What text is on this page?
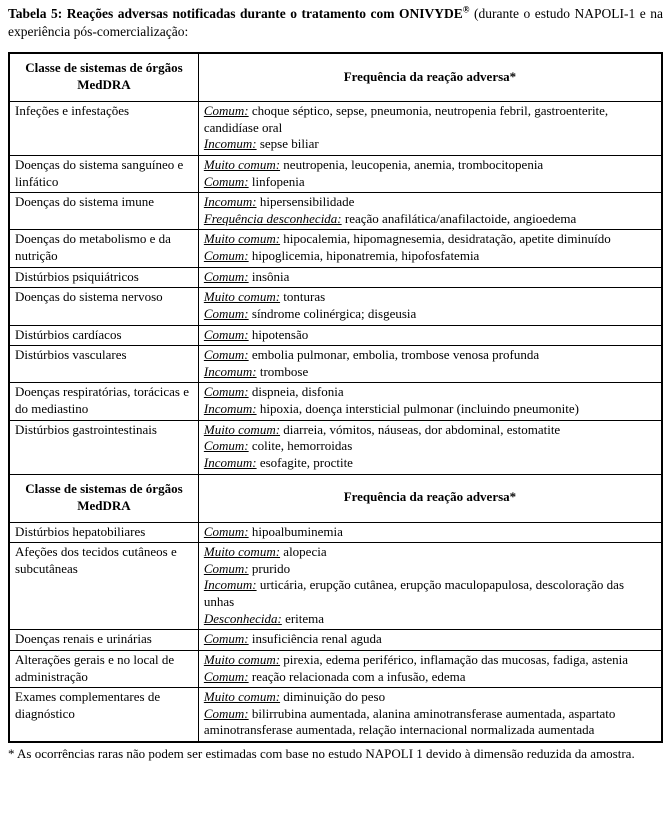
Tabela 5: Reações adversas notificadas durante o tratamento com ONIVYDE® (durante o estudo NAPOLI-1 e na experiência pós-comercialização:

Classe de sistemas de órgãos MedDRA	Frequência da reação adversa*
Infeções e infestações	Comum: choque séptico, sepse, pneumonia, neutropenia febril, gastroenterite, candidíase oral
Incomum: sepse biliar

Doenças do sistema sanguíneo e linfático	Muito comum: neutropenia, leucopenia, anemia, trombocitopenia
Comum: linfopenia

Doenças do sistema imune	Incomum: hipersensibilidade
Frequência desconhecida: reação anafilática/anafilactoide, angioedema

Doenças do metabolismo e da nutrição	Muito comum: hipocalemia, hipomagnesemia, desidratação, apetite diminuído
Comum: hipoglicemia, hiponatremia, hipofosfatemia

Distúrbios psiquiátricos	Comum: insônia

Doenças do sistema nervoso	Muito comum: tonturas
Comum: síndrome colinérgica; disgeusia

Distúrbios cardíacos	Comum: hipotensão

Distúrbios vasculares	Comum: embolia pulmonar, embolia, trombose venosa profunda
Incomum: trombose

Doenças respiratórias, torácicas e do mediastino	Comum: dispneia, disfonia
Incomum: hipoxia, doença intersticial pulmonar (incluindo pneumonite)

Distúrbios gastrointestinais	Muito comum: diarreia, vómitos, náuseas, dor abdominal, estomatite
Comum: colite, hemorroidas
Incomum: esofagite, proctite

Classe de sistemas de órgãos MedDRA	Frequência da reação adversa*
Distúrbios hepatobiliares	Comum: hipoalbuminemia

Afeções dos tecidos cutâneos e subcutâneas	Muito comum: alopecia
Comum: prurido
Incomum: urticária, erupção cutânea, erupção maculopapulosa, descoloração das unhas
Desconhecida: eritema

Doenças renais e urinárias	Comum: insuficiência renal aguda

Alterações gerais e no local de administração	Muito comum: pirexia, edema periférico, inflamação das mucosas, fadiga, astenia
Comum: reação relacionada com a infusão, edema

Exames complementares de diagnóstico	Muito comum: diminuição do peso
Comum: bilirrubina aumentada, alanina aminotransferase aumentada, aspartato aminotransferase aumentada, relação internacional normalizada aumentada

* As ocorrências raras não podem ser estimadas com base no estudo NAPOLI 1 devido à dimensão reduzida da amostra.
